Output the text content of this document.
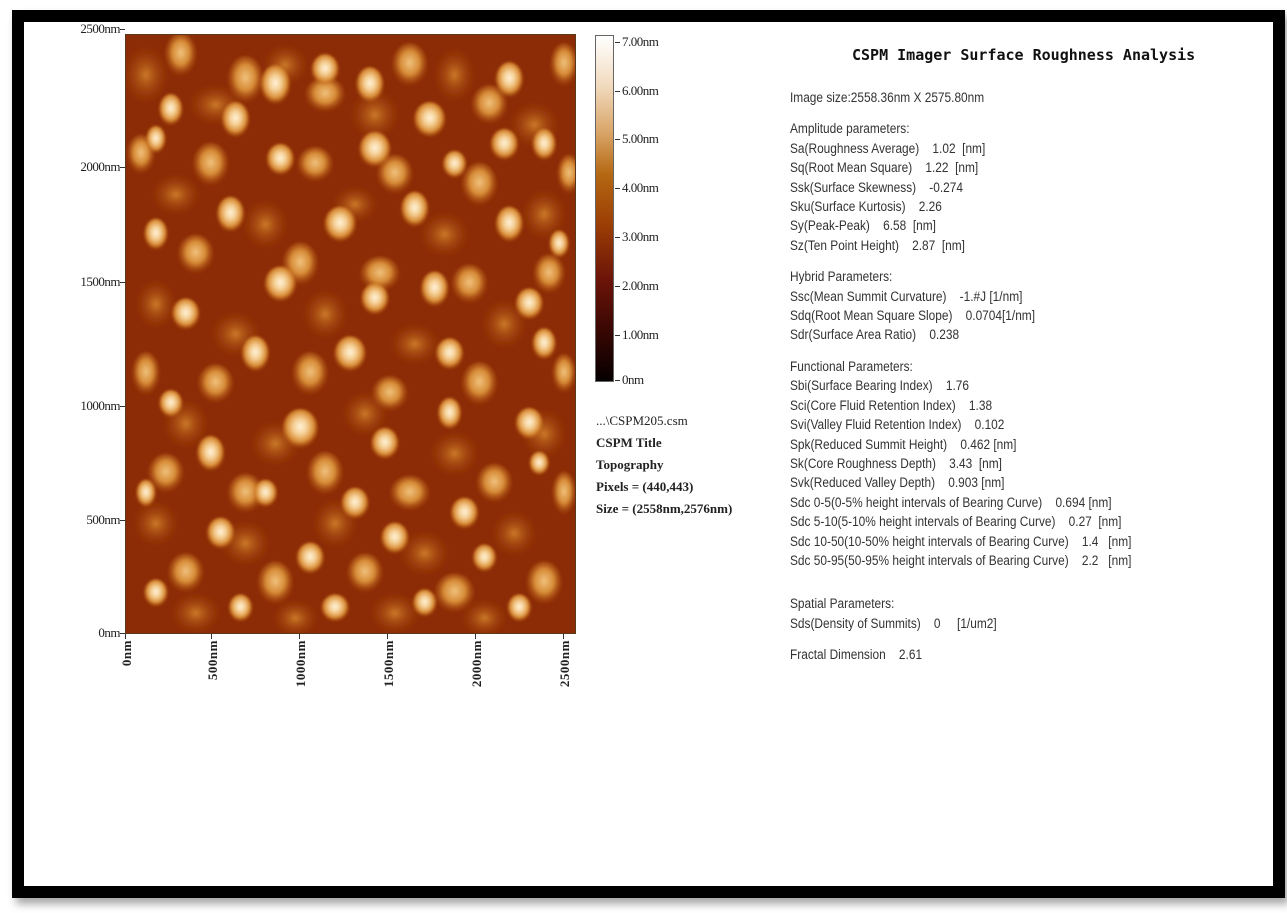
2500nm
2000nm
1500nm
1000nm
500nm
0nm
0nm	500nm	1000nm	1500nm	2000nm	2500nm
7.00nm
6.00nm
5.00nm
4.00nm
3.00nm
2.00nm
1.00nm
0nm
...\CSPM205.csm
CSPM Title
Topography
Pixels = (440,443)
Size = (2558nm,2576nm)
CSPM Imager Surface Roughness Analysis
Image size:2558.36nm X 2575.80nm
Amplitude parameters:
Sa(Roughness Average)    1.02  [nm]
Sq(Root Mean Square)    1.22  [nm]
Ssk(Surface Skewness)    -0.274
Sku(Surface Kurtosis)    2.26
Sy(Peak-Peak)    6.58  [nm]
Sz(Ten Point Height)    2.87  [nm]
Hybrid Parameters:
Ssc(Mean Summit Curvature)    -1.#J [1/nm]
Sdq(Root Mean Square Slope)    0.0704[1/nm]
Sdr(Surface Area Ratio)    0.238
Functional Parameters:
Sbi(Surface Bearing Index)    1.76
Sci(Core Fluid Retention Index)    1.38
Svi(Valley Fluid Retention Index)    0.102
Spk(Reduced Summit Height)    0.462 [nm]
Sk(Core Roughness Depth)    3.43  [nm]
Svk(Reduced Valley Depth)    0.903 [nm]
Sdc 0-5(0-5% height intervals of Bearing Curve)    0.694 [nm]
Sdc 5-10(5-10% height intervals of Bearing Curve)    0.27  [nm]
Sdc 10-50(10-50% height intervals of Bearing Curve)    1.4   [nm]
Sdc 50-95(50-95% height intervals of Bearing Curve)    2.2   [nm]
Spatial Parameters:
Sds(Density of Summits)    0     [1/um2]
Fractal Dimension    2.61
